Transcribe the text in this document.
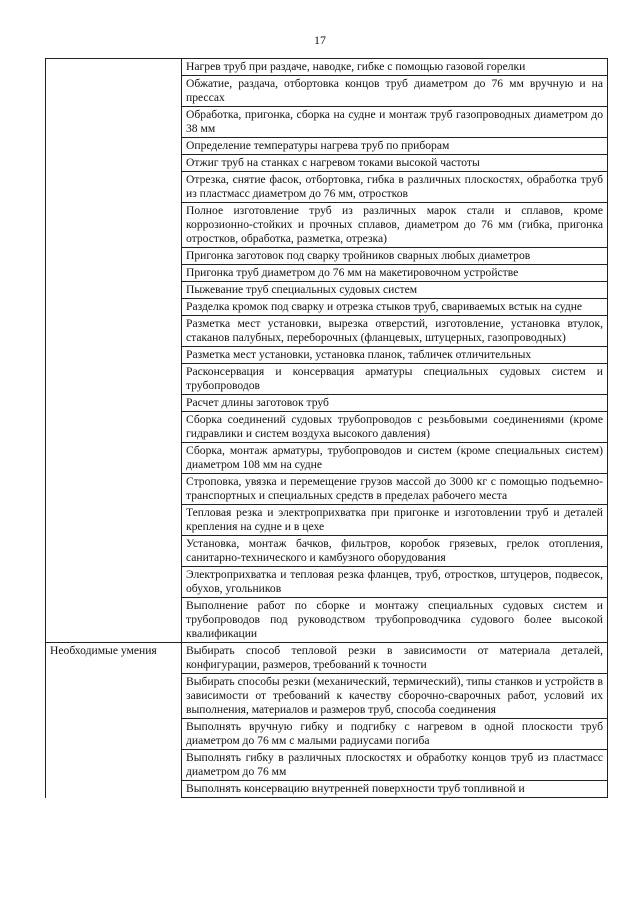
17
	Нагрев труб при раздаче, наводке, гибке с помощью газовой горелки
	Обжатие, раздача, отбортовка концов труб диаметром до 76 мм вручную и на прессах
	Обработка, пригонка, сборка на судне и монтаж труб газопроводных диаметром до 38 мм
	Определение температуры нагрева труб по приборам
	Отжиг труб на станках с нагревом токами высокой частоты
	Отрезка, снятие фасок, отбортовка, гибка в различных плоскостях, обработка труб из пластмасс диаметром до 76 мм, отростков
	Полное изготовление труб из различных марок стали и сплавов, кроме коррозионно-стойких и прочных сплавов, диаметром до 76 мм (гибка, пригонка отростков, обработка, разметка, отрезка)
	Пригонка заготовок под сварку тройников сварных любых диаметров
	Пригонка труб диаметром до 76 мм на макетировочном устройстве
	Пыжевание труб специальных судовых систем
	Разделка кромок под сварку и отрезка стыков труб, свариваемых встык на судне
	Разметка мест установки, вырезка отверстий, изготовление, установка втулок, стаканов палубных, переборочных (фланцевых, штуцерных, газопроводных)
	Разметка мест установки, установка планок, табличек отличительных
	Расконсервация и консервация арматуры специальных судовых систем и трубопроводов
	Расчет длины заготовок труб
	Сборка соединений судовых трубопроводов с резьбовыми соединениями (кроме гидравлики и систем воздуха высокого давления)
	Сборка, монтаж арматуры, трубопроводов и систем (кроме специальных систем) диаметром 108 мм на судне
	Строповка, увязка и перемещение грузов массой до 3000 кг с помощью подъемно-транспортных и специальных средств в пределах рабочего места
	Тепловая резка и электроприхватка при пригонке и изготовлении труб и деталей крепления на судне и в цехе
	Установка, монтаж бачков, фильтров, коробок грязевых, грелок отопления, санитарно-технического и камбузного оборудования
	Электроприхватка и тепловая резка фланцев, труб, отростков, штуцеров, подвесок, обухов, угольников
	Выполнение работ по сборке и монтажу специальных судовых систем и трубопроводов под руководством трубопроводчика судового более высокой квалификации
Необходимые умения	Выбирать способ тепловой резки в зависимости от материала деталей, конфигурации, размеров, требований к точности
	Выбирать способы резки (механический, термический), типы станков и устройств в зависимости от требований к качеству сборочно-сварочных работ, условий их выполнения, материалов и размеров труб, способа соединения
	Выполнять вручную гибку и подгибку с нагревом в одной плоскости труб диаметром до 76 мм с малыми радиусами погиба
	Выполнять гибку в различных плоскостях и обработку концов труб из пластмасс диаметром до 76 мм
	Выполнять консервацию внутренней поверхности труб топливной и
